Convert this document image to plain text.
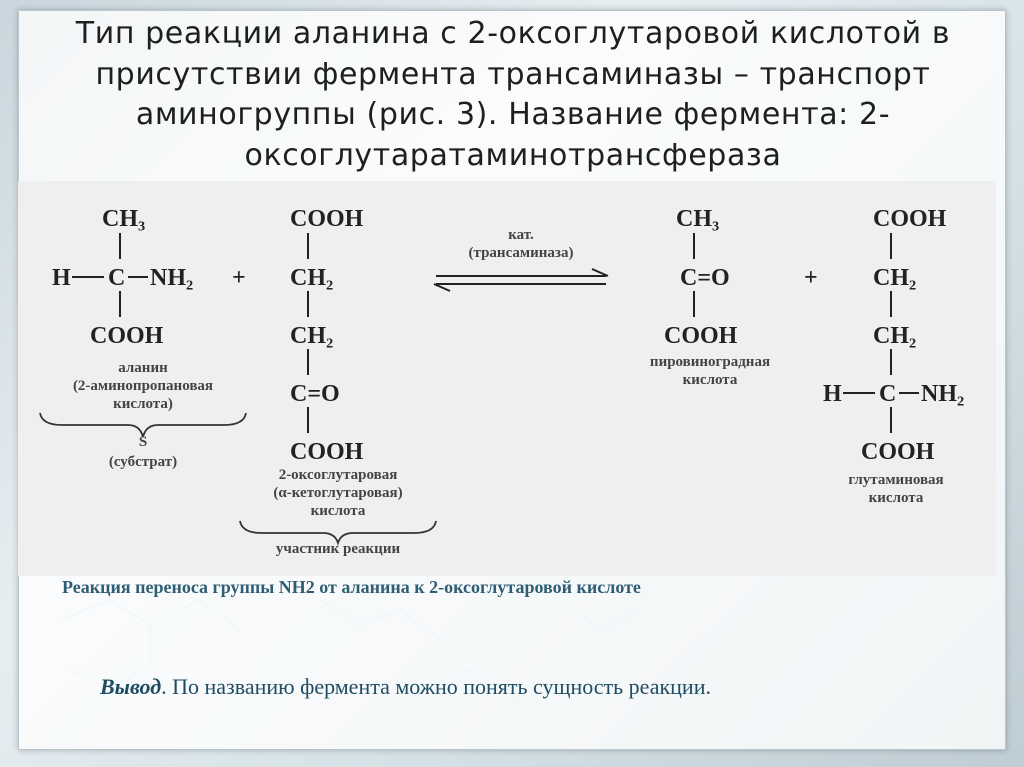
Тип реакции аланина с 2-оксоглутаровой кислотой в
присутствии фермента трансаминазы – транспорт
аминогруппы (рис. 3). Название фермента: 2-
оксоглутаратаминотрансфераза
CH₃
H C NH₂
COOH
аланин
(2-аминопропановая
кислота)
S
(субстрат)
+
COOH
CH₂
CH₂
C=O
COOH
2-оксоглутаровая
(α-кетоглутаровая)
кислота
участник реакции
кат.
(трансаминаза)
CH₃
C=O
COOH
пировиноградная
кислота
+
COOH
CH₂
CH₂
H C NH₂
COOH
глутаминовая
кислота
Реакция переноса группы NH2 от аланина к 2-оксоглутаровой кислоте
Вывод. По названию фермента можно понять сущность реакции.
